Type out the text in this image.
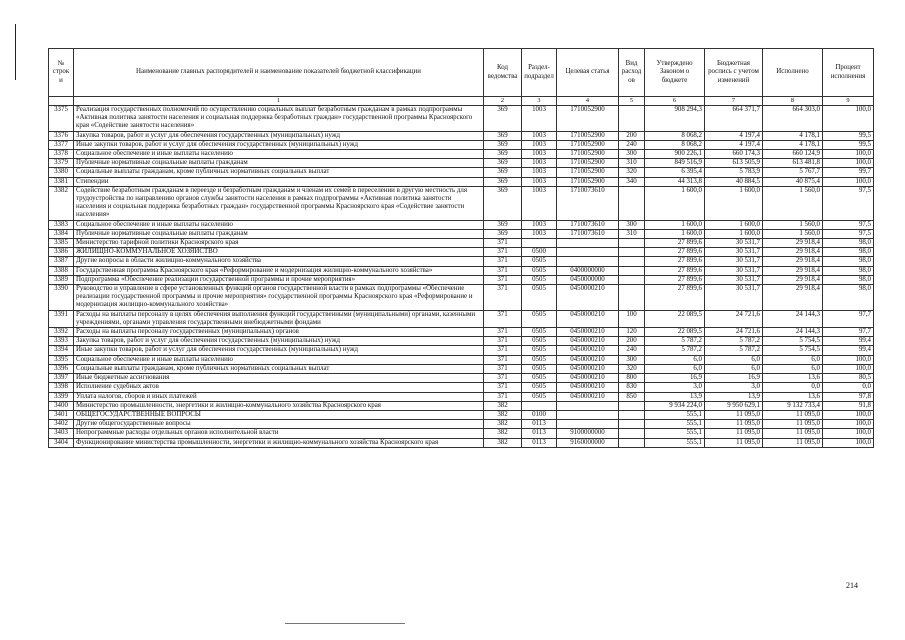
№ строки	Наименование главных распорядителей и наименование показателей бюджетной классификации	Код ведомства	Раздел-подраздел	Целевая статья	Вид расходов	Утверждено Законом о бюджете	Бюджетная роспись с учетом изменений	Исполнено	Процент исполнения
	1	2	3	4	5	6	7	8	9
3375	Реализация государственных полномочий по осуществлению социальных выплат безработным гражданам в рамках подпрограммы «Активная политика занятости населения и социальная поддержка безработных граждан» государственной программы Красноярского края «Содействие занятости населения»	369	1003	1710052900		908 294,3	664 371,7	664 303,0	100,0
3376	Закупка товаров, работ и услуг для обеспечения государственных (муниципальных) нужд	369	1003	1710052900	200	8 068,2	4 197,4	4 178,1	99,5
3377	Иные закупки товаров, работ и услуг для обеспечения государственных (муниципальных) нужд	369	1003	1710052900	240	8 068,2	4 197,4	4 178,1	99,5
3378	Социальное обеспечение и иные выплаты населению	369	1003	1710052900	300	900 226,1	660 174,3	660 124,9	100,0
3379	Публичные нормативные социальные выплаты гражданам	369	1003	1710052900	310	849 516,9	613 505,9	613 481,8	100,0
3380	Социальные выплаты гражданам, кроме публичных нормативных социальных выплат	369	1003	1710052900	320	6 395,4	5 783,9	5 767,7	99,7
3381	Стипендии	369	1003	1710052900	340	44 313,8	40 884,5	40 875,4	100,0
3382	Содействие безработным гражданам в переезде и безработным гражданам и членам их семей в переселении в другую местность для трудоустройства по направлению органов службы занятости населения в рамках подпрограммы «Активная политика занятости населения и социальная поддержка безработных граждан» государственной программы Красноярского края «Содействие занятости населения»	369	1003	1710073610		1 600,0	1 600,0	1 560,0	97,5
3383	Социальное обеспечение и иные выплаты населению	369	1003	1710073610	300	1 600,0	1 600,0	1 560,0	97,5
3384	Публичные нормативные социальные выплаты гражданам	369	1003	1710073610	310	1 600,0	1 600,0	1 560,0	97,5
3385	Министерство тарифной политики Красноярского края	371				27 899,6	30 531,7	29 918,4	98,0
3386	ЖИЛИЩНО-КОММУНАЛЬНОЕ ХОЗЯЙСТВО	371	0500			27 899,6	30 531,7	29 918,4	98,0
3387	Другие вопросы в области жилищно-коммунального хозяйства	371	0505			27 899,6	30 531,7	29 918,4	98,0
3388	Государственная программа Красноярского края «Реформирование и модернизация жилищно-коммунального хозяйства»	371	0505	0400000000		27 899,6	30 531,7	29 918,4	98,0
3389	Подпрограмма «Обеспечение реализации государственной программы и прочие мероприятия»	371	0505	0450000000		27 899,6	30 531,7	29 918,4	98,0
3390	Руководство и управление в сфере установленных функций органов государственной власти в рамках подпрограммы «Обеспечение реализации государственной программы и прочие мероприятия» государственной программы Красноярского края «Реформирование и модернизация жилищно-коммунального хозяйства»	371	0505	0450000210		27 899,6	30 531,7	29 918,4	98,0
3391	Расходы на выплаты персоналу в целях обеспечения выполнения функций государственными (муниципальными) органами, казенными учреждениями, органами управления государственными внебюджетными фондами	371	0505	0450000210	100	22 089,5	24 721,6	24 144,3	97,7
3392	Расходы на выплаты персоналу государственных (муниципальных) органов	371	0505	0450000210	120	22 089,5	24 721,6	24 144,3	97,7
3393	Закупка товаров, работ и услуг для обеспечения государственных (муниципальных) нужд	371	0505	0450000210	200	5 787,2	5 787,2	5 754,5	99,4
3394	Иные закупки товаров, работ и услуг для обеспечения государственных (муниципальных) нужд	371	0505	0450000210	240	5 787,2	5 787,2	5 754,5	99,4
3395	Социальное обеспечение и иные выплаты населению	371	0505	0450000210	300	6,0	6,0	6,0	100,0
3396	Социальные выплаты гражданам, кроме публичных нормативных социальных выплат	371	0505	0450000210	320	6,0	6,0	6,0	100,0
3397	Иные бюджетные ассигнования	371	0505	0450000210	800	16,9	16,9	13,6	80,5
3398	Исполнение судебных актов	371	0505	0450000210	830	3,0	3,0	0,0	0,0
3399	Уплата налогов, сборов и иных платежей	371	0505	0450000210	850	13,9	13,9	13,6	97,8
3400	Министерство промышленности, энергетики и жилищно-коммунального хозяйства Красноярского края	382				9 934 224,0	9 950 629,1	9 132 733,4	91,8
3401	ОБЩЕГОСУДАРСТВЕННЫЕ ВОПРОСЫ	382	0100			555,1	11 095,0	11 095,0	100,0
3402	Другие общегосударственные вопросы	382	0113			555,1	11 095,0	11 095,0	100,0
3403	Непрограммные расходы отдельных органов исполнительной власти	382	0113	9100000000		555,1	11 095,0	11 095,0	100,0
3404	Функционирование министерства промышленности, энергетики и жилищно-коммунального хозяйства Красноярского края	382	0113	9160000000		555,1	11 095,0	11 095,0	100,0
214
